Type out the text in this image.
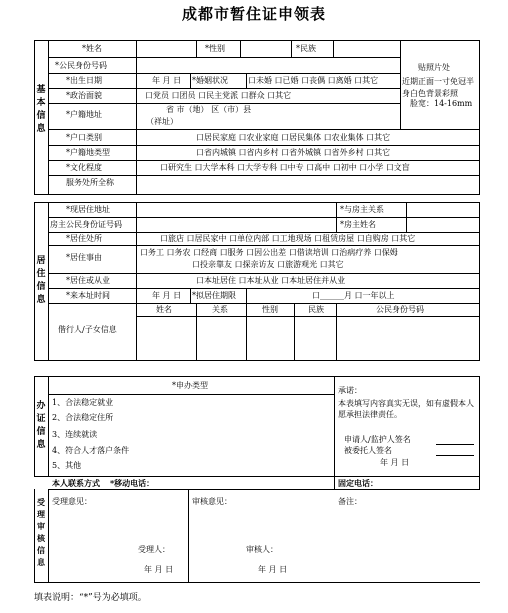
成都市暂住证申领表
基本信息
居住信息
办证信息
受理审核信息
*姓名	*性别	*民族
*公民身份号码
*出生日期	年 月 日 *婚姻状况	口未婚 口已婚 口丧偶 口离婚 口其它
*政治面貌	口党员 口团员 口民主党派 口群众 口其它
*户籍地址
省 市（地） 区（市）县
（祥址）
*户口类别	口居民家庭 口农业家庭 口居民集体 口农业集体 口其它
*户籍地类型	口省内城镇 口省内乡村 口省外城镇 口省外乡村 口其它
*文化程度	口研究生 口大学本科 口大学专科 口中专 口高中 口初中 口小学 口文盲
服务处所全称
贴照片处
近期正面一寸免冠半身白色背景彩照
脸宽：14-16mm
*现居住地址	*与房主关系
房主公民身份证号码	*房主姓名
*居住处所	口旅店 口居民家中 口单位内部 口工地现场 口租赁房屋 口自购房 口其它
*居住事由
口务工 口务农 口经商 口服务 口因公出差 口借读培训 口治病疗养 口保姆
口投亲靠友 口探亲访友 口旅游观光 口其它
*居住或从业	口本址居住 口本址从业 口本址居住并从业
*来本址时间	年 月 日 *拟居住期限	口______月 口一年以上
偕行人/子女信息
姓名	关系	性别	民族	公民身份号码
*申办类型
1、合法稳定就业
2、合法稳定住所
3、连续就读
4、符合人才落户条件
5、其他
承诺：
本表填写内容真实无误，如有虚假本人愿承担法律责任。
申请人/监护人签名
被委托人签名
年 月 日
本人联系方式 *移动电话：	固定电话：
受理意见：	审核意见：	备注：
受理人：	审核人：
年 月 日	年 月 日
填表说明：“*”号为必填项。
